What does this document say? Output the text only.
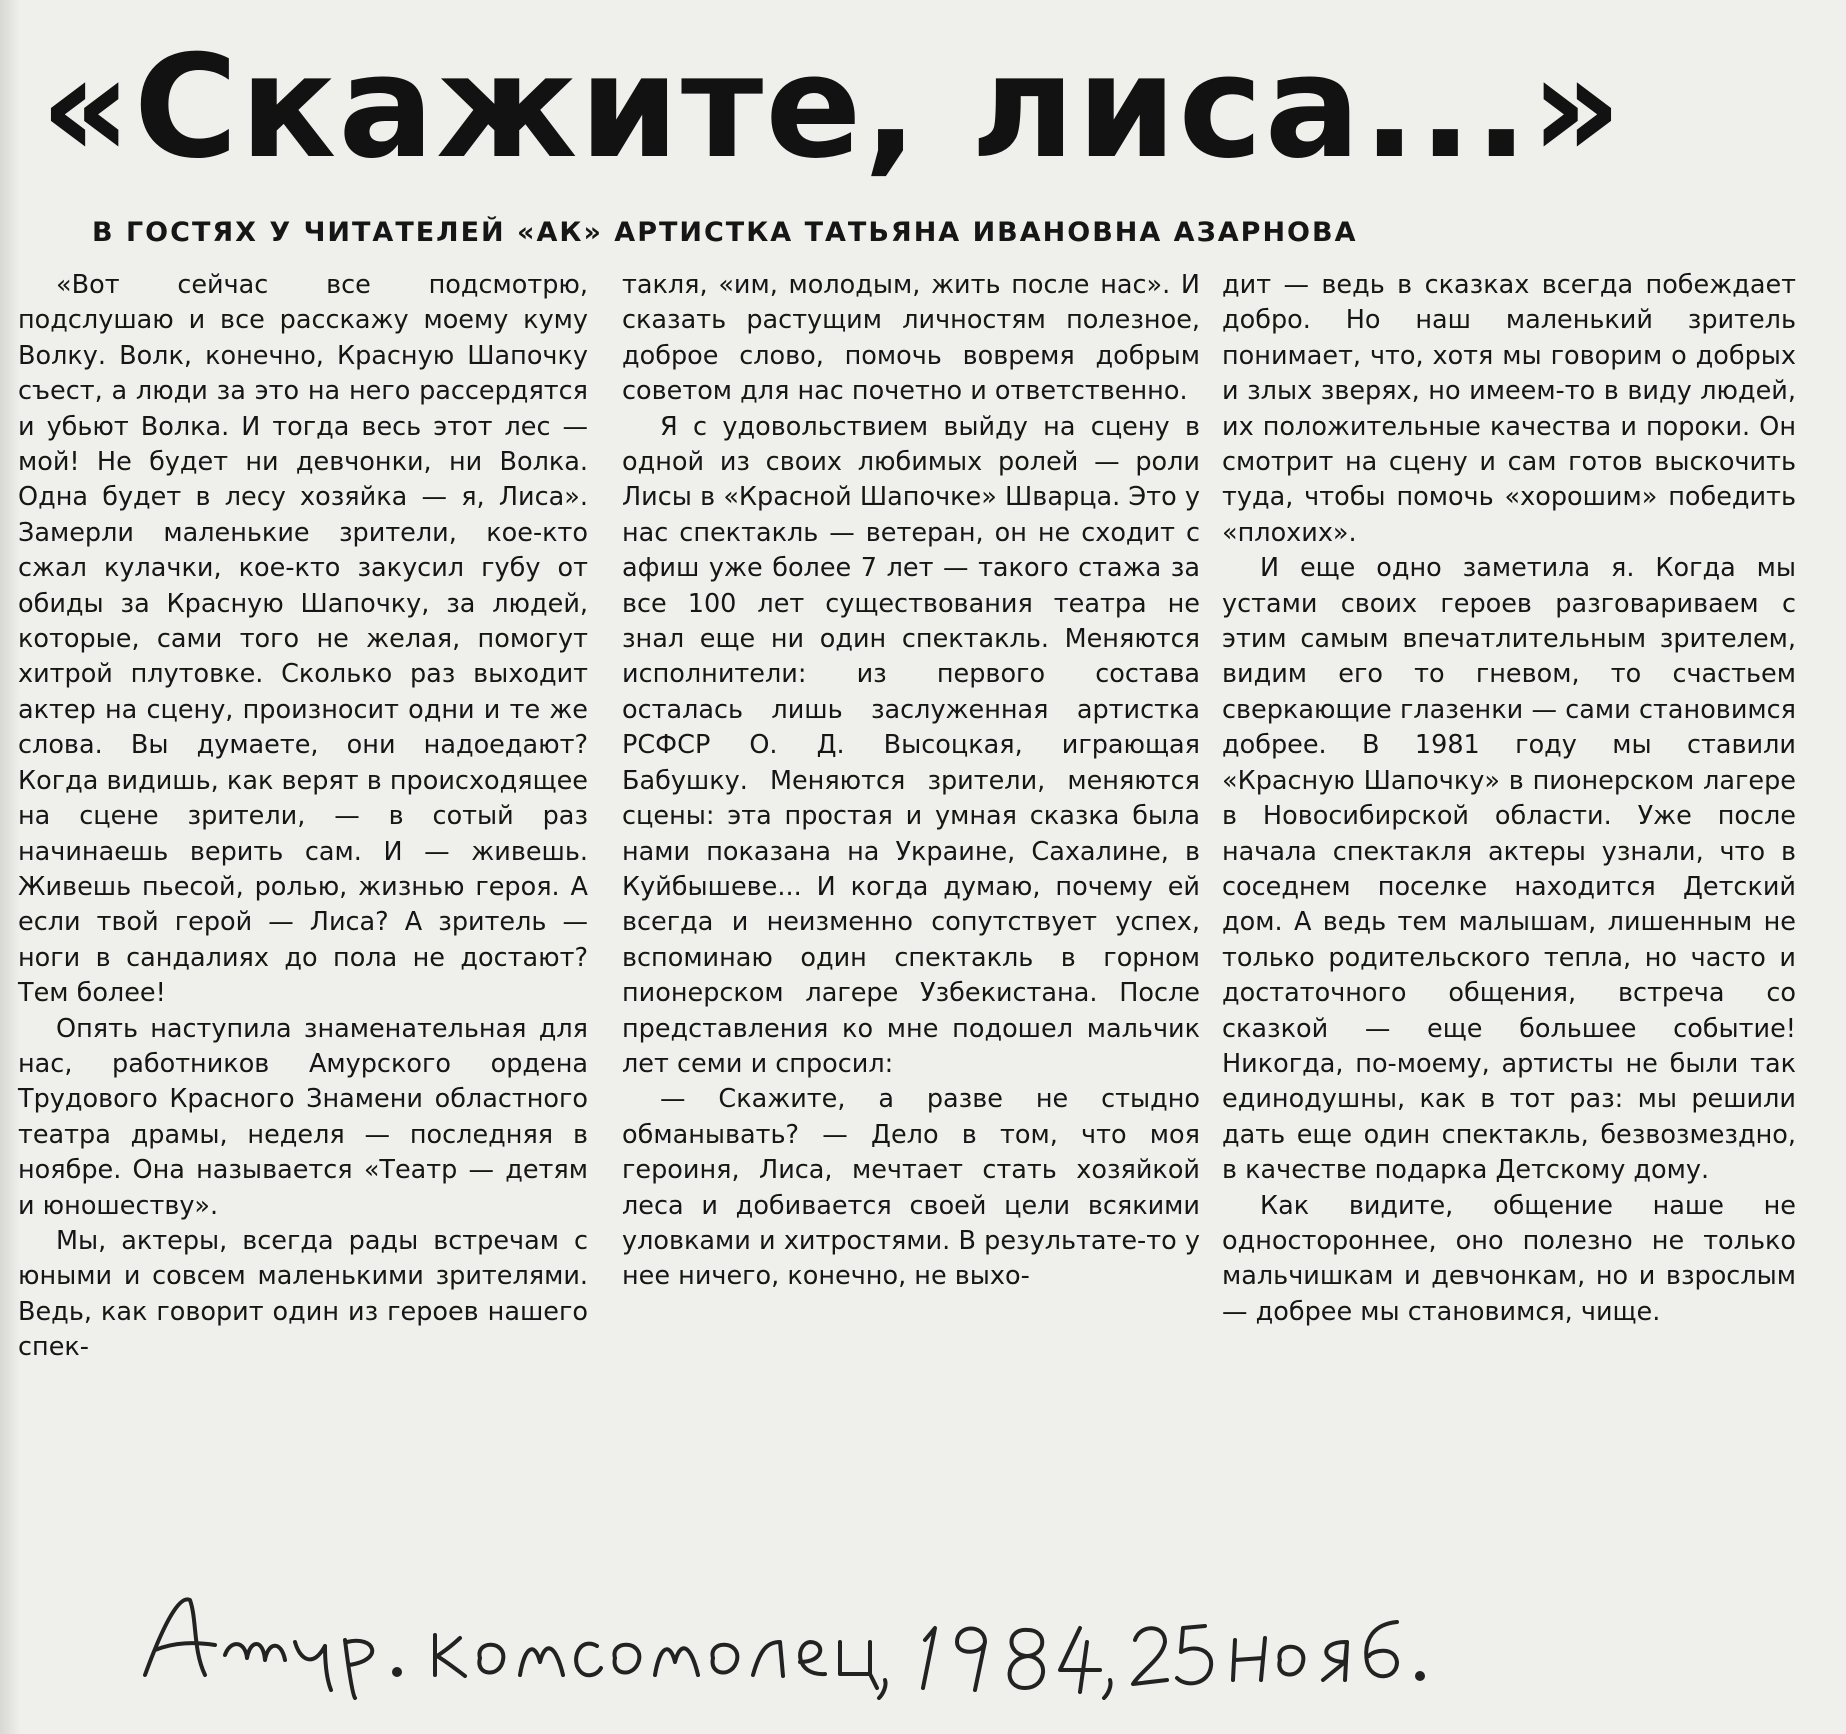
«Скажите, лиса...»
В ГОСТЯХ У ЧИТАТЕЛЕЙ «АК» АРТИСТКА ТАТЬЯНА ИВАНОВНА АЗАРНОВА

«Вот сейчас все подсмотрю, подслушаю и все расскажу моему куму Волку. Волк, конечно, Красную Шапочку съест, а люди за это на него рассердятся и убьют Волка. И тогда весь этот лес — мой! Не будет ни девчонки, ни Волка. Одна будет в лесу хозяйка — я, Лиса». Замерли маленькие зрители, кое-кто сжал кулачки, кое-кто закусил губу от обиды за Красную Шапочку, за людей, которые, сами того не желая, помогут хитрой плутовке. Сколько раз выходит актер на сцену, произносит одни и те же слова. Вы думаете, они надоедают? Когда видишь, как верят в происходящее на сцене зрители, — в сотый раз начинаешь верить сам. И — живешь. Живешь пьесой, ролью, жизнью героя. А если твой герой — Лиса? А зритель — ноги в сандалиях до пола не достают? Тем более!

Опять наступила знаменательная для нас, работников Амурского ордена Трудового Красного Знамени областного театра драмы, неделя — последняя в ноябре. Она называется «Театр — детям и юношеству».

Мы, актеры, всегда рады встречам с юными и совсем маленькими зрителями. Ведь, как говорит один из героев нашего спек-

такля, «им, молодым, жить после нас». И сказать растущим личностям полезное, доброе слово, помочь вовремя добрым советом для нас почетно и ответственно.

Я с удовольствием выйду на сцену в одной из своих любимых ролей — роли Лисы в «Красной Шапочке» Шварца. Это у нас спектакль — ветеран, он не сходит с афиш уже более 7 лет — такого стажа за все 100 лет существования театра не знал еще ни один спектакль. Меняются исполнители: из первого состава осталась лишь заслуженная артистка РСФСР О. Д. Высоцкая, играющая Бабушку. Меняются зрители, меняются сцены: эта простая и умная сказка была нами показана на Украине, Сахалине, в Куйбышеве... И когда думаю, почему ей всегда и неизменно сопутствует успех, вспоминаю один спектакль в горном пионерском лагере Узбекистана. После представления ко мне подошел мальчик лет семи и спросил:

— Скажите, а разве не стыдно обманывать? — Дело в том, что моя героиня, Лиса, мечтает стать хозяйкой леса и добивается своей цели всякими уловками и хитростями. В результате-то у нее ничего, конечно, не выхо-

дит — ведь в сказках всегда побеждает добро. Но наш маленький зритель понимает, что, хотя мы говорим о добрых и злых зверях, но имеем-то в виду людей, их положительные качества и пороки. Он смотрит на сцену и сам готов выскочить туда, чтобы помочь «хорошим» победить «плохих».

И еще одно заметила я. Когда мы устами своих героев разговариваем с этим самым впечатлительным зрителем, видим его то гневом, то счастьем сверкающие глазенки — сами становимся добрее. В 1981 году мы ставили «Красную Шапочку» в пионерском лагере в Новосибирской области. Уже после начала спектакля актеры узнали, что в соседнем поселке находится Детский дом. А ведь тем малышам, лишенным не только родительского тепла, но часто и достаточного общения, встреча со сказкой — еще большее событие! Никогда, по-моему, артисты не были так единодушны, как в тот раз: мы решили дать еще один спектакль, безвозмездно, в качестве подарка Детскому дому.

Как видите, общение наше не одностороннее, оно полезно не только мальчишкам и девчонкам, но и взрослым — добрее мы становимся, чище.
